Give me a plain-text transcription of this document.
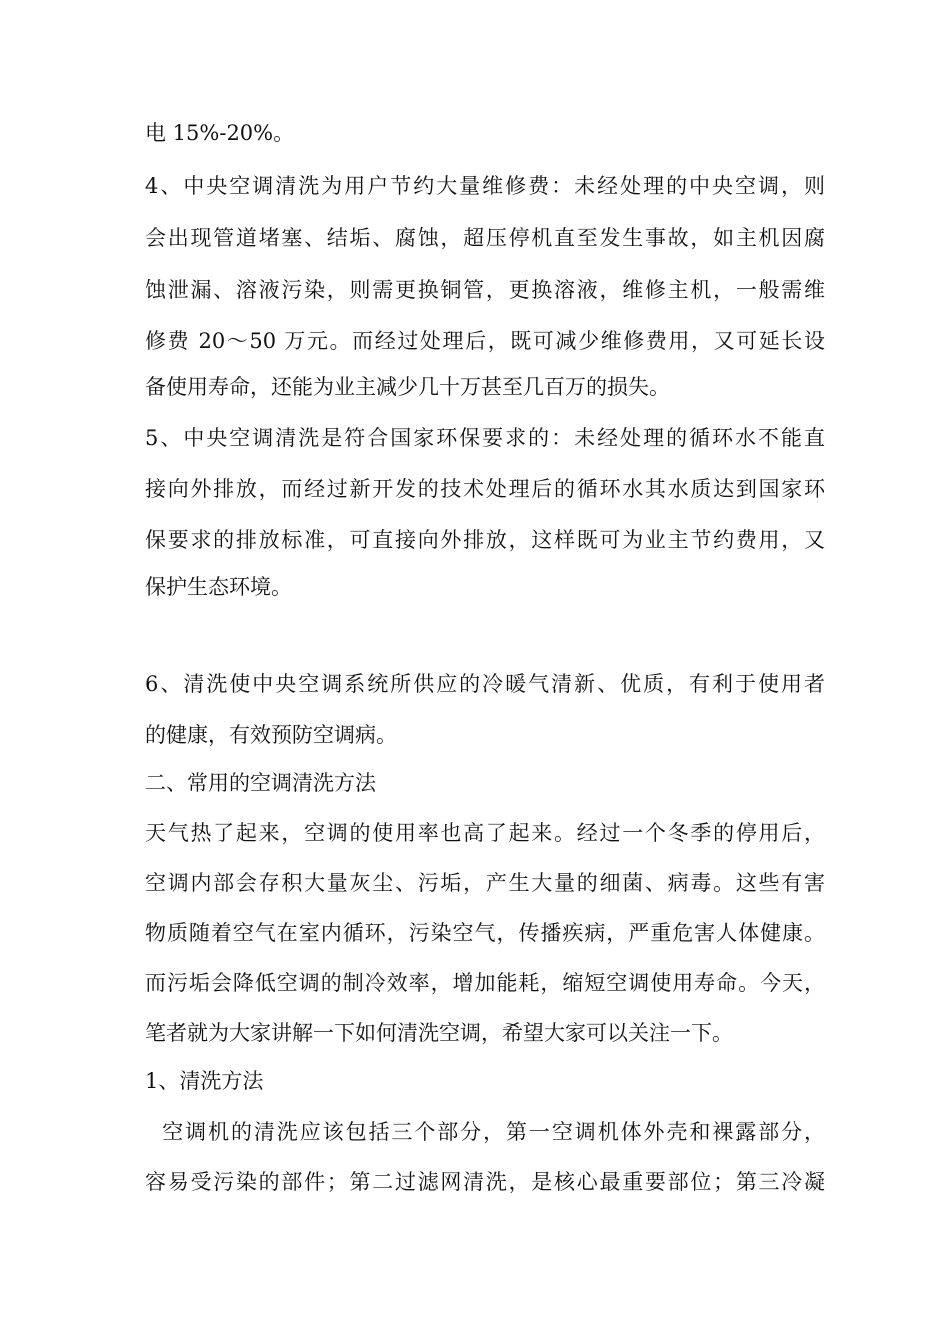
电 15%-20%。
4、中央空调清洗为用户节约大量维修费：未经处理的中央空调，则
会出现管道堵塞、结垢、腐蚀，超压停机直至发生事故，如主机因腐
蚀泄漏、溶液污染，则需更换铜管，更换溶液，维修主机，一般需维
修费 20～50 万元。而经过处理后，既可减少维修费用，又可延长设
备使用寿命，还能为业主减少几十万甚至几百万的损失。
5、中央空调清洗是符合国家环保要求的：未经处理的循环水不能直
接向外排放，而经过新开发的技术处理后的循环水其水质达到国家环
保要求的排放标准，可直接向外排放，这样既可为业主节约费用，又
保护生态环境。
6、清洗使中央空调系统所供应的冷暖气清新、优质，有利于使用者
的健康，有效预防空调病。
二、常用的空调清洗方法
天气热了起来，空调的使用率也高了起来。经过一个冬季的停用后，
空调内部会存积大量灰尘、污垢，产生大量的细菌、病毒。这些有害
物质随着空气在室内循环，污染空气，传播疾病，严重危害人体健康。
而污垢会降低空调的制冷效率，增加能耗，缩短空调使用寿命。今天，
笔者就为大家讲解一下如何清洗空调，希望大家可以关注一下。
1、清洗方法
空调机的清洗应该包括三个部分，第一空调机体外壳和裸露部分，
容易受污染的部件；第二过滤网清洗，是核心最重要部位；第三冷凝
